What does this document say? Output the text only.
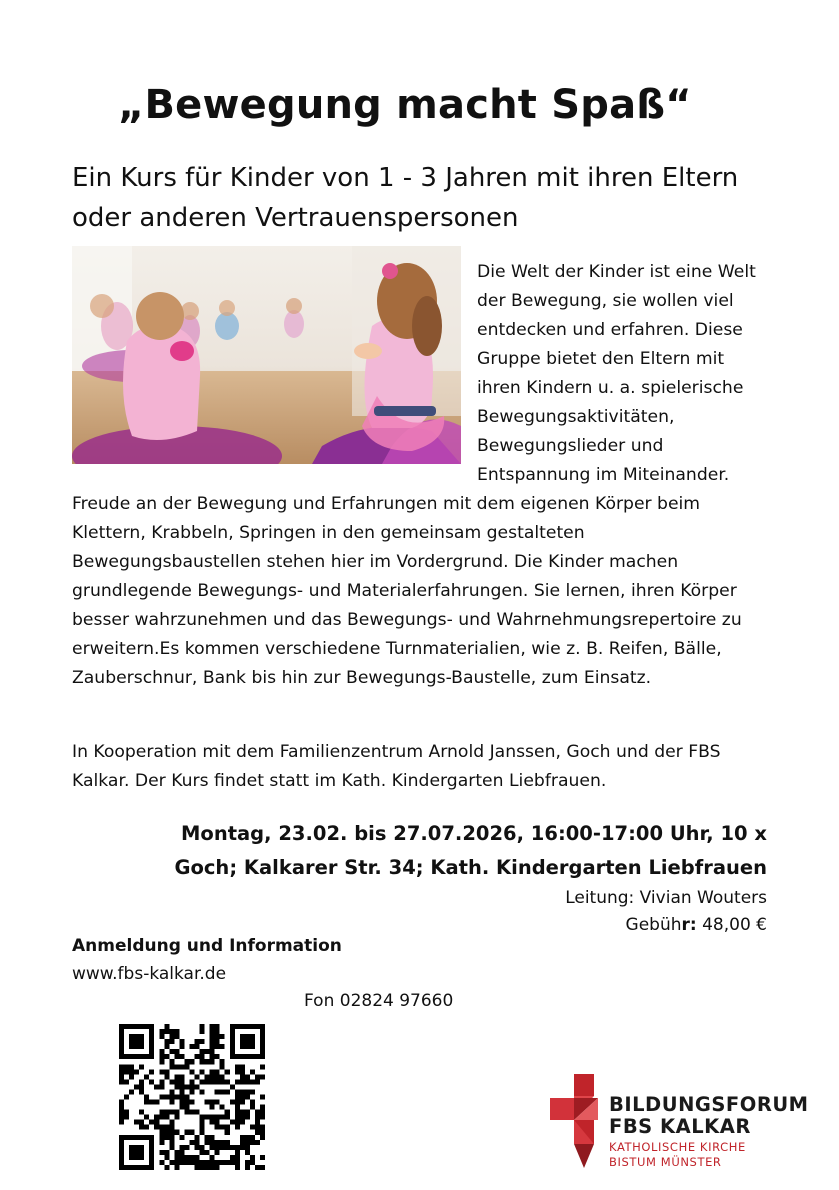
„Bewegung macht Spaß“
Ein Kurs für Kinder von 1 - 3 Jahren mit ihren Eltern oder anderen Vertrauenspersonen

Die Welt der Kinder ist eine Welt der Bewegung, sie wollen viel entdecken und erfahren. Diese Gruppe bietet den Eltern mit ihren Kindern u. a. spielerische Bewegungsaktivitäten, Bewegungslieder und Entspannung im Miteinander. Freude an der Bewegung und Erfahrungen mit dem eigenen Körper beim Klettern, Krabbeln, Springen in den gemeinsam gestalteten Bewegungsbaustellen stehen hier im Vordergrund. Die Kinder machen grundlegende Bewegungs- und Materialerfahrungen. Sie lernen, ihren Körper besser wahrzunehmen und das Bewegungs- und Wahrnehmungsrepertoire zu erweitern.Es kommen verschiedene Turnmaterialien, wie z. B. Reifen, Bälle, Zauberschnur, Bank bis hin zur Bewegungs-Baustelle, zum Einsatz.

In Kooperation mit dem Familienzentrum Arnold Janssen, Goch und der FBS Kalkar. Der Kurs findet statt im Kath. Kindergarten Liebfrauen.
Montag, 23.02. bis 27.07.2026, 16:00-17:00 Uhr, 10 x
Goch; Kalkarer Str. 34; Kath. Kindergarten Liebfrauen
Leitung: Vivian Wouters
Gebühr: 48,00 €
Anmeldung und Information
www.fbs-kalkar.de
Fon 02824 97660
BILDUNGSFORUM
FBS KALKAR
KATHOLISCHE KIRCHE
BISTUM MÜNSTER
